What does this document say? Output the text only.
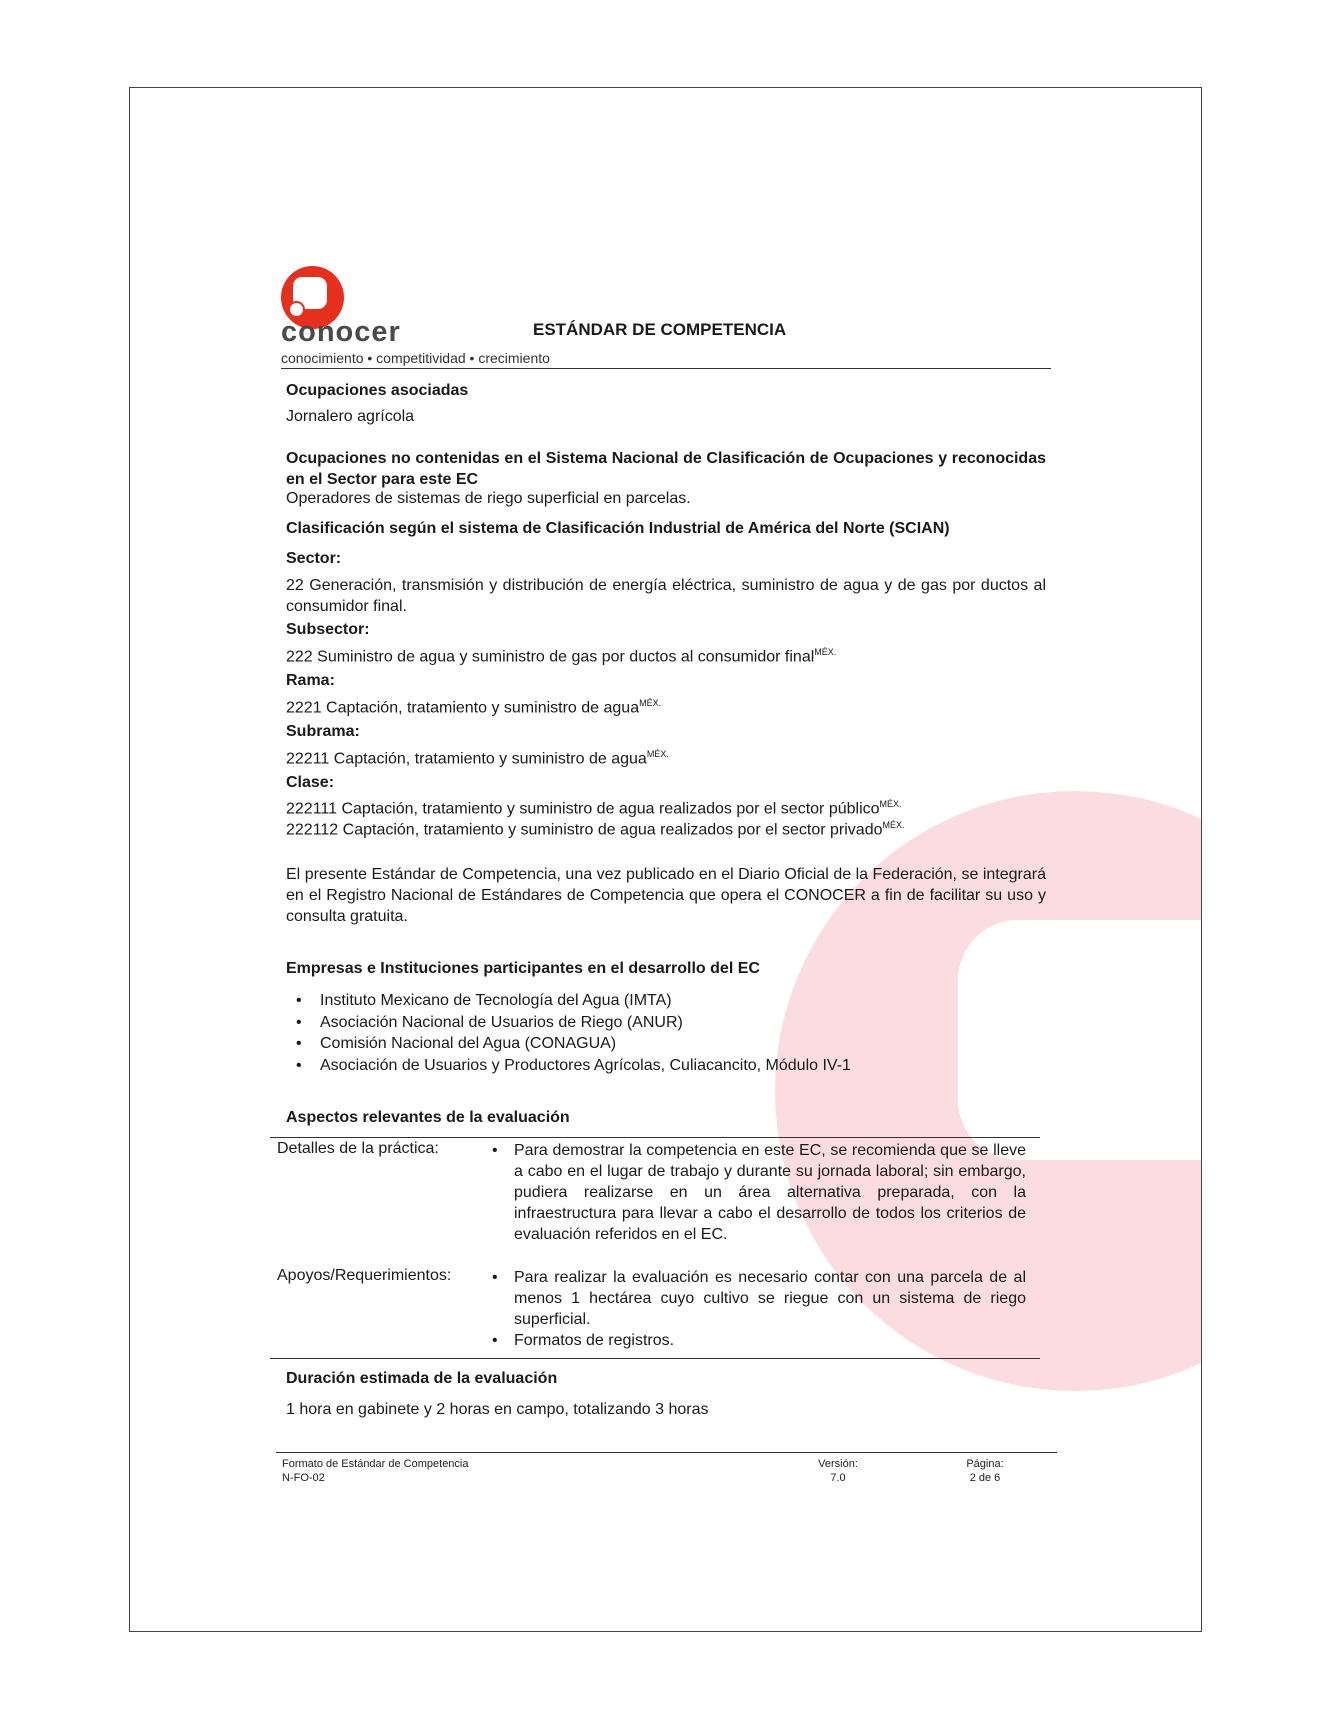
conocer
conocimiento • competitividad • crecimiento
ESTÁNDAR DE COMPETENCIA
Ocupaciones asociadas
Jornalero agrícola
Ocupaciones no contenidas en el Sistema Nacional de Clasificación de Ocupaciones y reconocidas en el Sector para este EC
Operadores de sistemas de riego superficial en parcelas.
Clasificación según el sistema de Clasificación Industrial de América del Norte (SCIAN)
Sector:
22 Generación, transmisión y distribución de energía eléctrica, suministro de agua y de gas por ductos al consumidor final.
Subsector:
222 Suministro de agua y suministro de gas por ductos al consumidor final$^{MÉX.}$
Rama:
2221 Captación, tratamiento y suministro de agua$^{MÉX.}$
Subrama:
22211 Captación, tratamiento y suministro de agua$^{MÉX.}$
Clase:
222111 Captación, tratamiento y suministro de agua realizados por el sector público$^{MÉX.}$
222112 Captación, tratamiento y suministro de agua realizados por el sector privado$^{MÉX.}$
El presente Estándar de Competencia, una vez publicado en el Diario Oficial de la Federación, se integrará en el Registro Nacional de Estándares de Competencia que opera el CONOCER a fin de facilitar su uso y consulta gratuita.
Empresas e Instituciones participantes en el desarrollo del EC
• Instituto Mexicano de Tecnología del Agua (IMTA)
• Asociación Nacional de Usuarios de Riego (ANUR)
• Comisión Nacional del Agua (CONAGUA)
• Asociación de Usuarios y Productores Agrícolas, Culiacancito, Módulo IV-1
Aspectos relevantes de la evaluación
Detalles de la práctica:	• Para demostrar la competencia en este EC, se recomienda que se lleve a cabo en el lugar de trabajo y durante su jornada laboral; sin embargo, pudiera realizarse en un área alternativa preparada, con la infraestructura para llevar a cabo el desarrollo de todos los criterios de evaluación referidos en el EC.
Apoyos/Requerimientos:	• Para realizar la evaluación es necesario contar con una parcela de al menos 1 hectárea cuyo cultivo se riegue con un sistema de riego superficial.
• Formatos de registros.
Duración estimada de la evaluación
1 hora en gabinete y 2 horas en campo, totalizando 3 horas
Formato de Estándar de Competencia
N-FO-02
Versión:
7.0
Página:
2 de 6
